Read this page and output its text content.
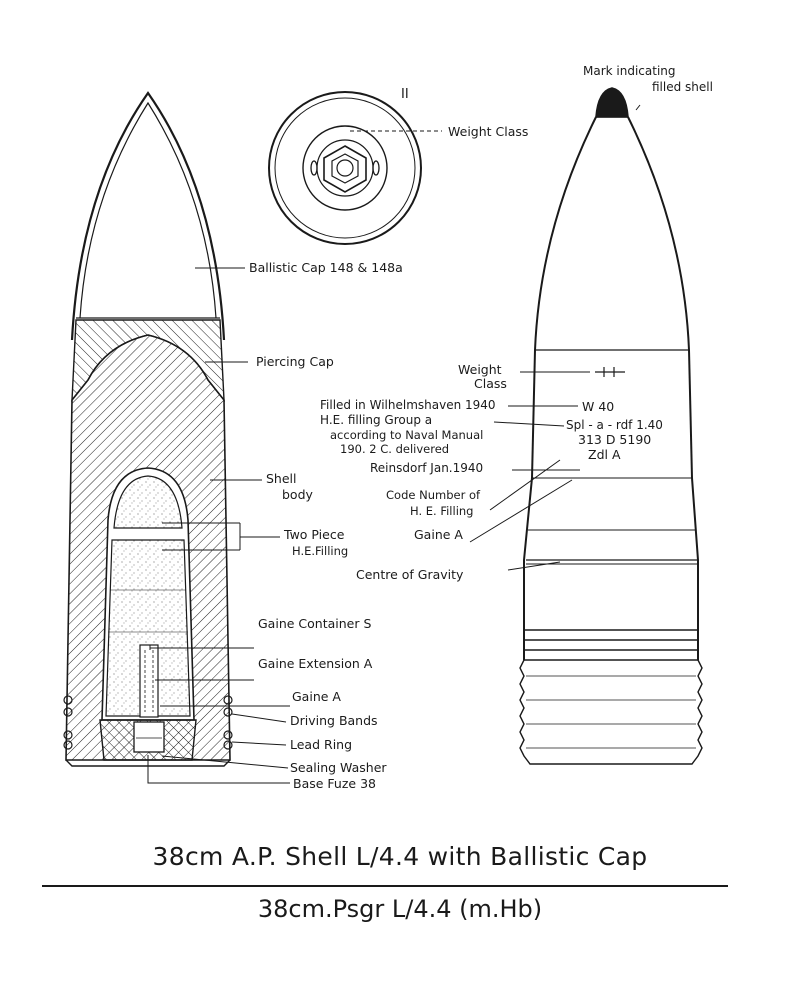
II
Weight Class
Ballistic Cap 148 & 148a
Piercing Cap
Shell
body
Two Piece
H.E.Filling
Gaine Container S
Gaine Extension A
Gaine A
Driving Bands
Lead Ring
Sealing Washer
Base Fuze 38
Mark indicating
filled shell
Weight
Class
Filled in Wilhelmshaven 1940
H.E. filling Group a
according to Naval Manual
190. 2 C. delivered
Reinsdorf Jan.1940
Code Number of
H. E. Filling
Gaine A
Centre of Gravity
W 40
Spl - a - rdf 1.40
313 D 5190
Zdl A
38cm A.P. Shell L/4.4 with Ballistic Cap
38cm.Psgr L/4.4 (m.Hb)
